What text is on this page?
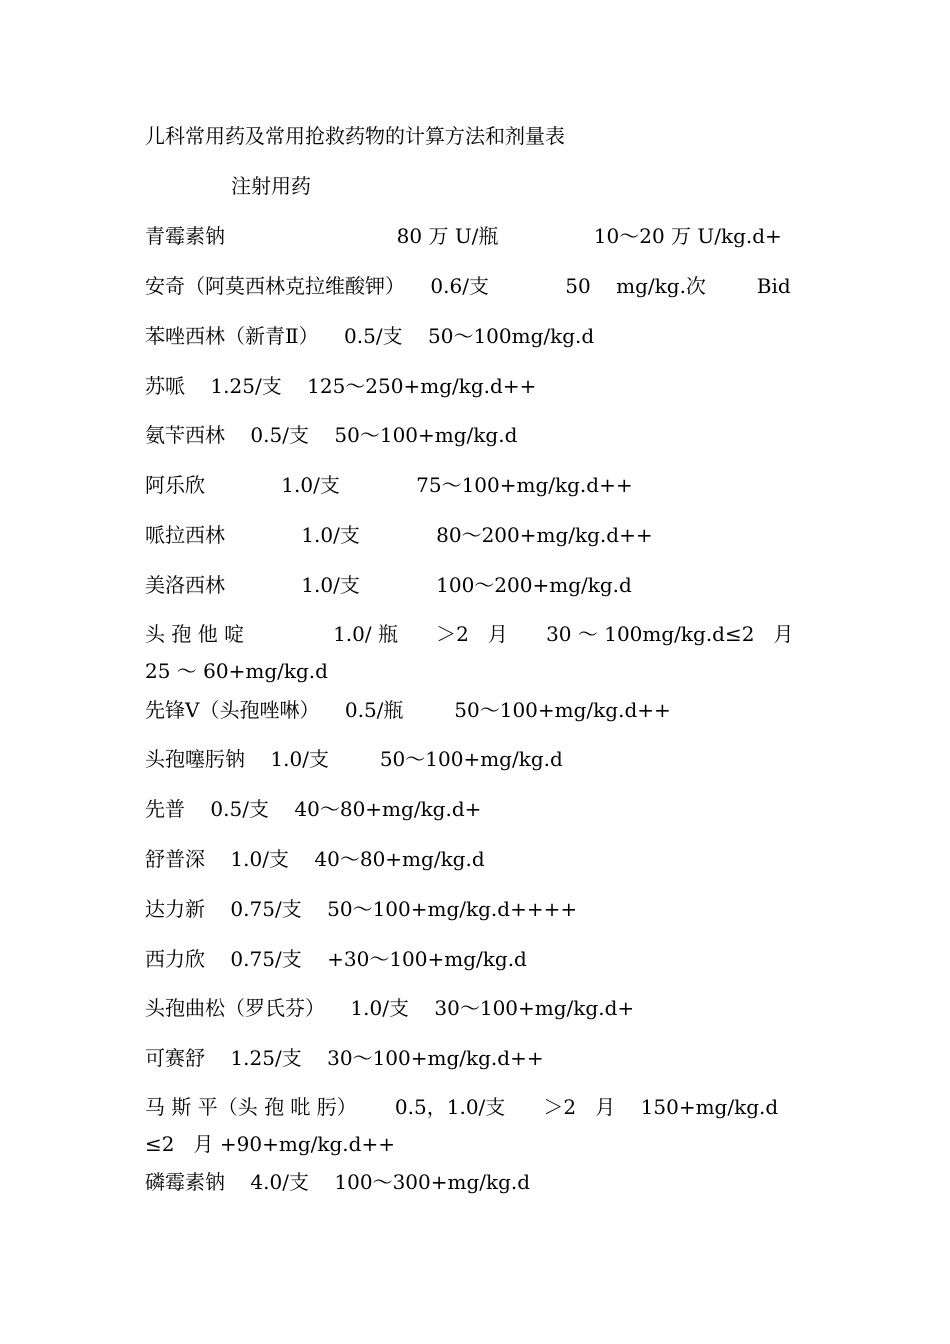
儿科常用药及常用抢救药物的计算方法和剂量表
注射用药
青霉素钠                           80 万 U/瓶               10～20 万 U/kg.d+
安奇（阿莫西林克拉维酸钾）    0.6/支            50    mg/kg.次        Bid
苯唑西林（新青Ⅱ）    0.5/支    50～100mg/kg.d
苏哌    1.25/支    125～250+mg/kg.d++
氨苄西林    0.5/支    50～100+mg/kg.d
阿乐欣            1.0/支            75～100+mg/kg.d++
哌拉西林            1.0/支            80～200+mg/kg.d++
美洛西林            1.0/支            100～200+mg/kg.d
头 孢 他 啶              1.0/ 瓶      ＞2   月      30 ～ 100mg/kg.d≤2   月      25 ～ 60+mg/kg.d
先锋Ⅴ（头孢唑啉）    0.5/瓶        50～100+mg/kg.d++
头孢噻肟钠    1.0/支        50～100+mg/kg.d
先普    0.5/支    40～80+mg/kg.d+
舒普深    1.0/支    40～80+mg/kg.d
达力新    0.75/支    50～100+mg/kg.d++++
西力欣    0.75/支    +30～100+mg/kg.d
头孢曲松（罗氏芬）    1.0/支    30～100+mg/kg.d+
可赛舒    1.25/支    30～100+mg/kg.d++
马 斯 平（头 孢 吡 肟）      0.5，1.0/支      ＞2   月    150+mg/kg.d      ≤2   月 +90+mg/kg.d++
磷霉素钠    4.0/支    100～300+mg/kg.d
